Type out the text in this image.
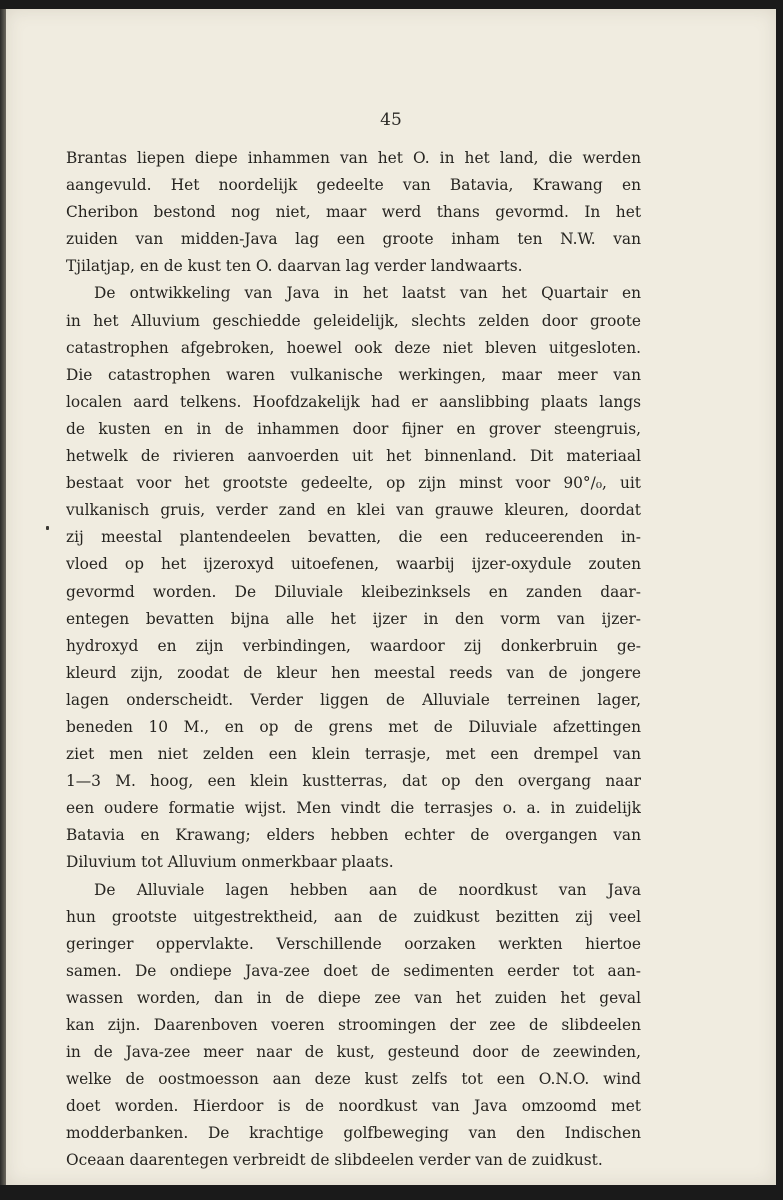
45
Brantas liepen diepe inhammen van het O. in het land, die werden
aangevuld. Het noordelijk gedeelte van Batavia, Krawang en
Cheribon bestond nog niet, maar werd thans gevormd. In het
zuiden van midden-Java lag een groote inham ten N.W. van
Tjilatjap, en de kust ten O. daarvan lag verder landwaarts.
De ontwikkeling van Java in het laatst van het Quartair en
in het Alluvium geschiedde geleidelijk, slechts zelden door groote
catastrophen afgebroken, hoewel ook deze niet bleven uitgesloten.
Die catastrophen waren vulkanische werkingen, maar meer van
localen aard telkens. Hoofdzakelijk had er aanslibbing plaats langs
de kusten en in de inhammen door fijner en grover steengruis,
hetwelk de rivieren aanvoerden uit het binnenland. Dit materiaal
bestaat voor het grootste gedeelte, op zijn minst voor 90°/₀, uit
vulkanisch gruis, verder zand en klei van grauwe kleuren, doordat
zij meestal plantendeelen bevatten, die een reduceerenden in-
vloed op het ijzeroxyd uitoefenen, waarbij ijzer-oxydule zouten
gevormd worden. De Diluviale kleibezinksels en zanden daar-
entegen bevatten bijna alle het ijzer in den vorm van ijzer-
hydroxyd en zijn verbindingen, waardoor zij donkerbruin ge-
kleurd zijn, zoodat de kleur hen meestal reeds van de jongere
lagen onderscheidt. Verder liggen de Alluviale terreinen lager,
beneden 10 M., en op de grens met de Diluviale afzettingen
ziet men niet zelden een klein terrasje, met een drempel van
1—3 M. hoog, een klein kustterras, dat op den overgang naar
een oudere formatie wijst. Men vindt die terrasjes o. a. in zuidelijk
Batavia en Krawang; elders hebben echter de overgangen van
Diluvium tot Alluvium onmerkbaar plaats.
De Alluviale lagen hebben aan de noordkust van Java
hun grootste uitgestrektheid, aan de zuidkust bezitten zij veel
geringer oppervlakte. Verschillende oorzaken werkten hiertoe
samen. De ondiepe Java-zee doet de sedimenten eerder tot aan-
wassen worden, dan in de diepe zee van het zuiden het geval
kan zijn. Daarenboven voeren stroomingen der zee de slibdeelen
in de Java-zee meer naar de kust, gesteund door de zeewinden,
welke de oostmoesson aan deze kust zelfs tot een O.N.O. wind
doet worden. Hierdoor is de noordkust van Java omzoomd met
modderbanken. De krachtige golfbeweging van den Indischen
Oceaan daarentegen verbreidt de slibdeelen verder van de zuidkust.
